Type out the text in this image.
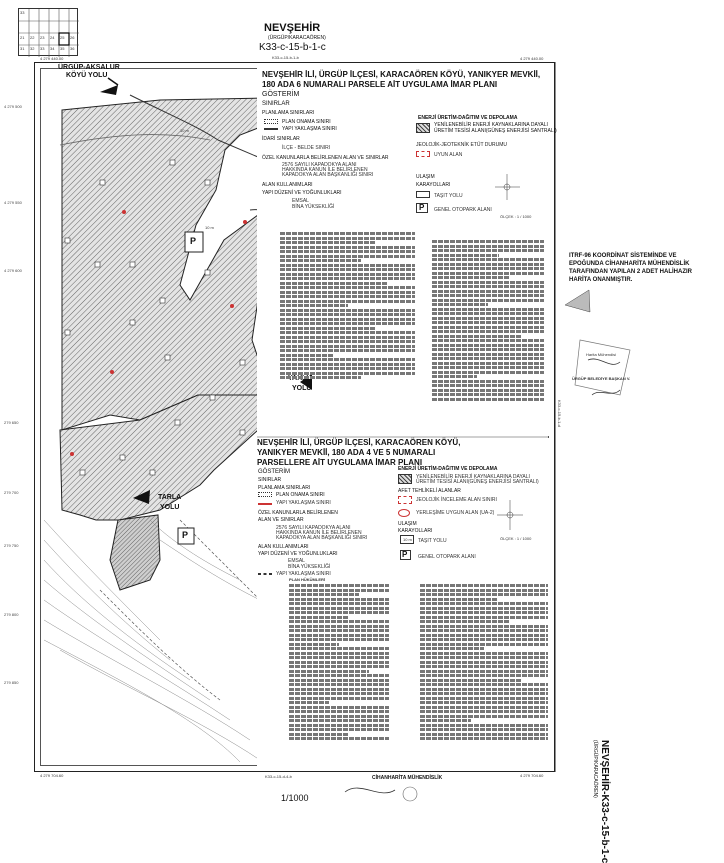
33
21 22 23 24 25 26
31 32 33 34 35 36
NEVŞEHİR
(ÜRGÜP/KARACAÖREN)
K33-c-15-b-1-c
K33-c-15-b-1-b
4 279 440.00	4 279 440.00
4 279 704.60	4 279 704.60
4 279 500
4 279 550
4 279 600
279 650
279 700
279 750
279 800
279 850
ÜRGÜP-AKSALUR
KÖYÜ YOLU
YOLU
TARLA
YOLU
P
P
10 m
10 m
NEVŞEHİR İLİ, ÜRGÜP İLÇESİ, KARACAÖREN KÖYÜ, YANIKYER MEVKİİ,
180 ADA 6 NUMARALI PARSELE AİT UYGULAMA İMAR PLANI
GÖSTERİM
SINIRLAR
PLANLAMA SINIRLARI
PLAN ONAMA SINIRI
YAPI YAKLAŞMA SINIRI
İDARİ SINIRLAR
İLÇE - BELDE SINIRI
ÖZEL KANUNLARLA BELİRLENEN ALAN VE SINIRLAR
2576 SAYILI KAPADOKYA ALANI
HAKKINDA KANUN İLE BELİRLENEN
KAPADOKYA ALAN BAŞKANLIĞI SINIRI
ALAN KULLANIMLARI
YAPI DÜZENİ VE YOĞUNLUKLARI
EMSAL
BİNA YÜKSEKLİĞİ
ENERJİ ÜRETİM-DAĞITIM VE DEPOLAMA
YENİLENEBİLİR ENERJİ KAYNAKLARINA DAYALI
ÜRETİM TESİSİ ALANI(GÜNEŞ ENERJİSİ SANTRALI)
JEOLOJİK-JEOTEKNİK ETÜT DURUMU
UYUN ALAN
ULAŞIM
KARAYOLLARI
TAŞIT YOLU
P GENEL OTOPARK ALANI
ÖLÇEK : 1 / 1000
NEVŞEHİR İLİ, ÜRGÜP İLÇESİ, KARACAÖREN KÖYÜ,
YANIKYER MEVKİİ, 180 ADA 4 VE 5 NUMARALI
PARSELLERE AİT UYGULAMA İMAR PLANI
GÖSTERİM
SINIRLAR
PLANLAMA SINIRLARI
PLAN ONAMA SINIRI
YAPI YAKLAŞMA SINIRI
ÖZEL KANUNLARLA BELİRLENEN
ALAN VE SINIRLAR
2576 SAYILI KAPADOKYA ALANI
HAKKINDA KANUN İLE BELİRLENEN
KAPADOKYA ALAN BAŞKANLIĞI SINIRI
ALAN KULLANIMLARI
YAPI DÜZENİ VE YOĞUNLUKLARI
EMSAL
BİNA YÜKSEKLİĞİ
YAPI YAKLAŞMA SINIRI
ENERJİ ÜRETİM-DAĞITIM VE DEPOLAMA
YENİLENEBİLİR ENERJİ KAYNAKLARINA DAYALI
ÜRETİM TESİSİ ALANI(GÜNEŞ ENERJİSİ SANTRALI)
AFET TEHLİKELİ ALANLAR
JEOLOJİK İNCELEME ALAN SINIRI
YERLEŞİME UYGUN ALAN (UA-2)
ULAŞIM
KARAYOLLARI
10 m TAŞIT YOLU
P GENEL OTOPARK ALANI
ÖLÇEK : 1 / 1000
PLAN HÜKÜMLERİ
ITRF-96 KOORDİNAT SİSTEMİNDE VE
EPOĞUNDA CİHANHARİTA MÜHENDİSLİK
TARAFINDAN YAPILAN 2 ADET HALİHAZIR
HARİTA ONANMIŞTIR.
Harita Mühendisi
ÜRGÜP BELEDİYE BAŞKAN V.
NEVŞEHİR-K33-c-15-b-1-c
(ÜRGÜP/KARACAÖREN)
K33-c-15-b-1-d
K33-c-15-d-4-b
1/1000
CİHANHARİTA MÜHENDİSLİK
